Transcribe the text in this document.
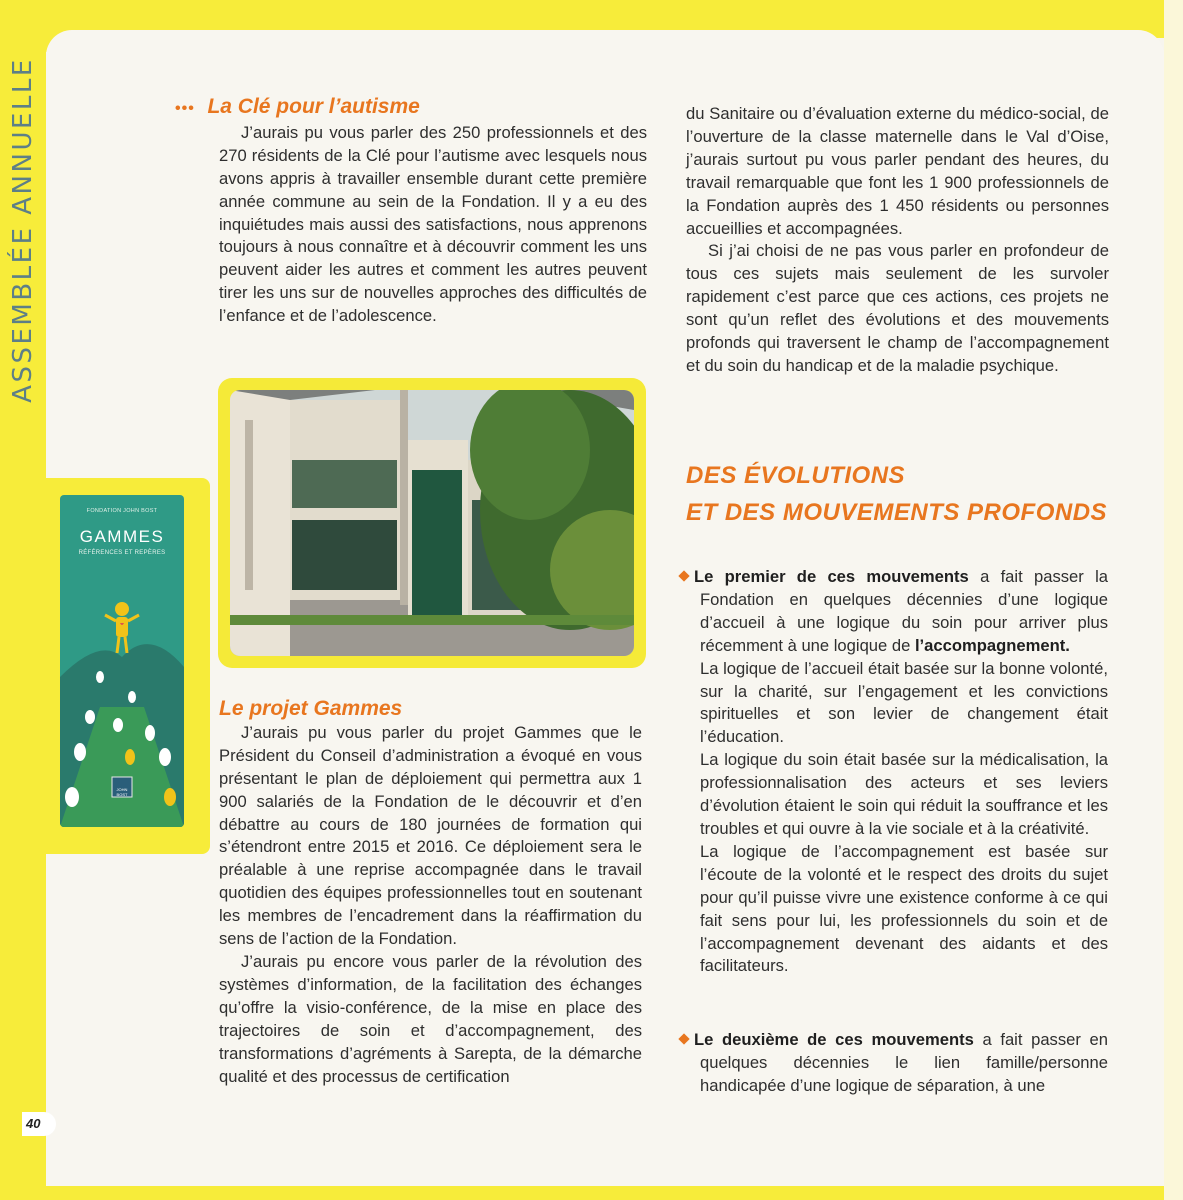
ASSEMBLÉE ANNUELLE	••• La Clé pour l’autisme

J’aurais pu vous parler des 250 professionnels et des 270 résidents de la Clé pour l’autisme avec lesquels nous avons appris à travailler ensemble durant cette première année commune au sein de la Fondation. Il y a eu des inquiétudes mais aussi des satisfactions, nous apprenons toujours à nous connaître et à découvrir comment les uns peuvent aider les autres et comment les autres peuvent tirer les uns sur de nouvelles approches des difficultés de l’enfance et de l’adolescence.

Le projet Gammes

J’aurais pu vous parler du projet Gammes que le Président du Conseil d’administration a évoqué en vous présentant le plan de déploiement qui permettra aux 1 900 salariés de la Fondation de le découvrir et d’en débattre au cours de 180 journées de formation qui s’étendront entre 2015 et 2016. Ce déploiement sera le préalable à une reprise accompagnée dans le travail quotidien des équipes professionnelles tout en soutenant les membres de l’encadrement dans la réaffirmation du sens de l’action de la Fondation.

J’aurais pu encore vous parler de la révolution des systèmes d’information, de la facilitation des échanges qu’offre la visio-conférence, de la mise en place des trajectoires de soin et d’accompagnement, des transformations d’agréments à Sarepta, de la démarche qualité et des processus de certification

FONDATION JOHN BOST
GAMMES
RÉFÉRENCES ET REPÈRES
JOHN BOST

du Sanitaire ou d’évaluation externe du médico-social, de l’ouverture de la classe maternelle dans le Val d’Oise, j’aurais surtout pu vous parler pendant des heures, du travail remarquable que font les 1 900 professionnels de la Fondation auprès des 1 450 résidents ou personnes accueillies et accompagnées.

Si j’ai choisi de ne pas vous parler en profondeur de tous ces sujets mais seulement de les survoler rapidement c’est parce que ces actions, ces projets ne sont qu’un reflet des évolutions et des mouvements profonds qui traversent le champ de l’accompagnement et du soin du handicap et de la maladie psychique.

DES ÉVOLUTIONS
ET DES MOUVEMENTS PROFONDS

Le premier de ces mouvements a fait passer la Fondation en quelques décennies d’une logique d’accueil à une logique du soin pour arriver plus récemment à une logique de l’accompagnement.

La logique de l’accueil était basée sur la bonne volonté, sur la charité, sur l’engagement et les convictions spirituelles et son levier de changement était l’éducation.

La logique du soin était basée sur la médicalisation, la professionnalisation des acteurs et ses leviers d’évolution étaient le soin qui réduit la souffrance et les troubles et qui ouvre à la vie sociale et à la créativité.

La logique de l’accompagnement est basée sur l’écoute de la volonté et le respect des droits du sujet pour qu’il puisse vivre une existence conforme à ce qui fait sens pour lui, les professionnels du soin et de l’accompagnement devenant des aidants et des facilitateurs.

Le deuxième de ces mouvements a fait passer en quelques décennies le lien famille/personne handicapée d’une logique de séparation, à une

40
